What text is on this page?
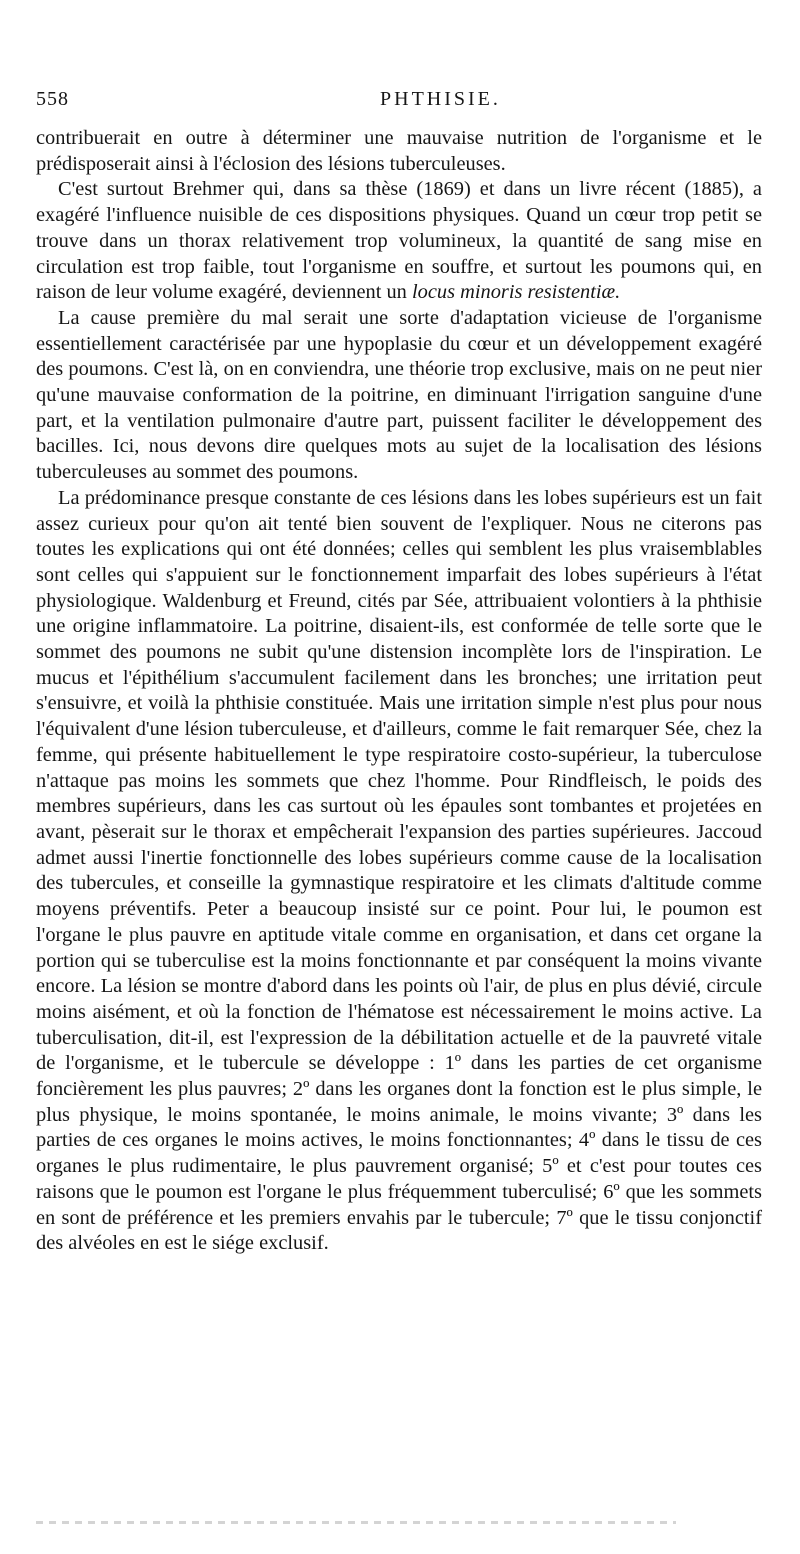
558	PHTHISIE.

contribuerait en outre à déterminer une mauvaise nutrition de l'organisme et le prédisposerait ainsi à l'éclosion des lésions tuberculeuses.

C'est surtout Brehmer qui, dans sa thèse (1869) et dans un livre récent (1885), a exagéré l'influence nuisible de ces dispositions physiques. Quand un cœur trop petit se trouve dans un thorax relativement trop volumineux, la quantité de sang mise en circulation est trop faible, tout l'organisme en souffre, et surtout les poumons qui, en raison de leur volume exagéré, deviennent un locus minoris resistentiæ.

La cause première du mal serait une sorte d'adaptation vicieuse de l'organisme essentiellement caractérisée par une hypoplasie du cœur et un développement exagéré des poumons. C'est là, on en conviendra, une théorie trop exclusive, mais on ne peut nier qu'une mauvaise conformation de la poitrine, en diminuant l'irrigation sanguine d'une part, et la ventilation pulmonaire d'autre part, puissent faciliter le développement des bacilles. Ici, nous devons dire quelques mots au sujet de la localisation des lésions tuberculeuses au sommet des poumons.

La prédominance presque constante de ces lésions dans les lobes supérieurs est un fait assez curieux pour qu'on ait tenté bien souvent de l'expliquer. Nous ne citerons pas toutes les explications qui ont été données; celles qui semblent les plus vraisemblables sont celles qui s'appuient sur le fonctionnement imparfait des lobes supérieurs à l'état physiologique. Waldenburg et Freund, cités par Sée, attribuaient volontiers à la phthisie une origine inflammatoire. La poitrine, disaient-ils, est conformée de telle sorte que le sommet des poumons ne subit qu'une distension incomplète lors de l'inspiration. Le mucus et l'épithélium s'accumulent facilement dans les bronches; une irritation peut s'ensuivre, et voilà la phthisie constituée. Mais une irritation simple n'est plus pour nous l'équivalent d'une lésion tuberculeuse, et d'ailleurs, comme le fait remarquer Sée, chez la femme, qui présente habituellement le type respiratoire costo-supérieur, la tuberculose n'attaque pas moins les sommets que chez l'homme. Pour Rindfleisch, le poids des membres supérieurs, dans les cas surtout où les épaules sont tombantes et projetées en avant, pèserait sur le thorax et empêcherait l'expansion des parties supérieures. Jaccoud admet aussi l'inertie fonctionnelle des lobes supérieurs comme cause de la localisation des tubercules, et conseille la gymnastique respiratoire et les climats d'altitude comme moyens préventifs. Peter a beaucoup insisté sur ce point. Pour lui, le poumon est l'organe le plus pauvre en aptitude vitale comme en organisation, et dans cet organe la portion qui se tuberculise est la moins fonctionnante et par conséquent la moins vivante encore. La lésion se montre d'abord dans les points où l'air, de plus en plus dévié, circule moins aisément, et où la fonction de l'hématose est nécessairement le moins active. La tuberculisation, dit-il, est l'expression de la débilitation actuelle et de la pauvreté vitale de l'organisme, et le tubercule se développe : 1º dans les parties de cet organisme foncièrement les plus pauvres; 2º dans les organes dont la fonction est le plus simple, le plus physique, le moins spontanée, le moins animale, le moins vivante; 3º dans les parties de ces organes le moins actives, le moins fonctionnantes; 4º dans le tissu de ces organes le plus rudimentaire, le plus pauvrement organisé; 5º et c'est pour toutes ces raisons que le poumon est l'organe le plus fréquemment tuberculisé; 6º que les sommets en sont de préférence et les premiers envahis par le tubercule; 7º que le tissu conjonctif des alvéoles en est le siége exclusif.
